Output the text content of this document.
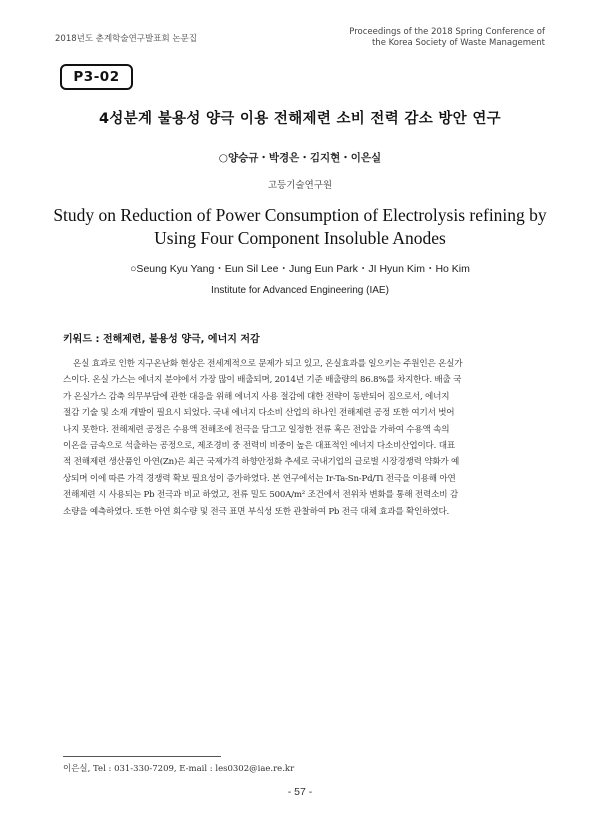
2018년도 춘계학술연구발표회 논문집
Proceedings of the 2018 Spring Conference of
the Korea Society of Waste Management
P3-02
4성분계 불용성 양극 이용 전해제련 소비 전력 감소 방안 연구
○양승규・박경은・김지현・이은실
고등기술연구원
Study on Reduction of Power Consumption of Electrolysis refining by
Using Four Component Insoluble Anodes
○Seung Kyu Yang・Eun Sil Lee・Jung Eun Park・JI Hyun Kim・Ho Kim
Institute for Advanced Engineering (IAE)
키워드 : 전해제련, 불용성 양극, 에너지 저감
온실 효과로 인한 지구온난화 현상은 전세계적으로 문제가 되고 있고, 온실효과를 일으키는 주원인은 온실가
스이다. 온실 가스는 에너지 분야에서 가장 많이 배출되며, 2014년 기준 배출량의 86.8%를 차지한다. 배출 국
가 온실가스 감축 의무부담에 관한 대응을 위해 에너지 사용 절감에 대한 전략이 동반되어 짐으로서, 에너지
절감 기술 및 소재 개발이 필요시 되었다. 국내 에너지 다소비 산업의 하나인 전해제련 공정 또한 여기서 벗어
나지 못한다. 전해제련 공정은 수용액 전해조에 전극을 담그고 일정한 전류 혹은 전압을 가하여 수용액 속의
이온을 금속으로 석출하는 공정으로, 제조경비 중 전력비 비중이 높은 대표적인 에너지 다소비산업이다. 대표
적 전해제련 생산품인 아연(Zn)은 최근 국제가격 하향안정화 추세로 국내기업의 글로벌 시장경쟁력 약화가 예
상되며 이에 따른 가격 경쟁력 확보 필요성이 증가하였다. 본 연구에서는 Ir-Ta-Sn-Pd/Ti 전극을 이용해 아연
전해제련 시 사용되는 Pb 전극과 비교 하였고, 전류 밀도 500A/m² 조건에서 전위차 변화를 통해 전력소비 감
소량을 예측하였다. 또한 아연 회수량 및 전극 표면 부식성 또한 관찰하여 Pb 전극 대체 효과를 확인하였다.
이은실, Tel : 031-330-7209, E-mail : les0302@iae.re.kr
- 57 -
